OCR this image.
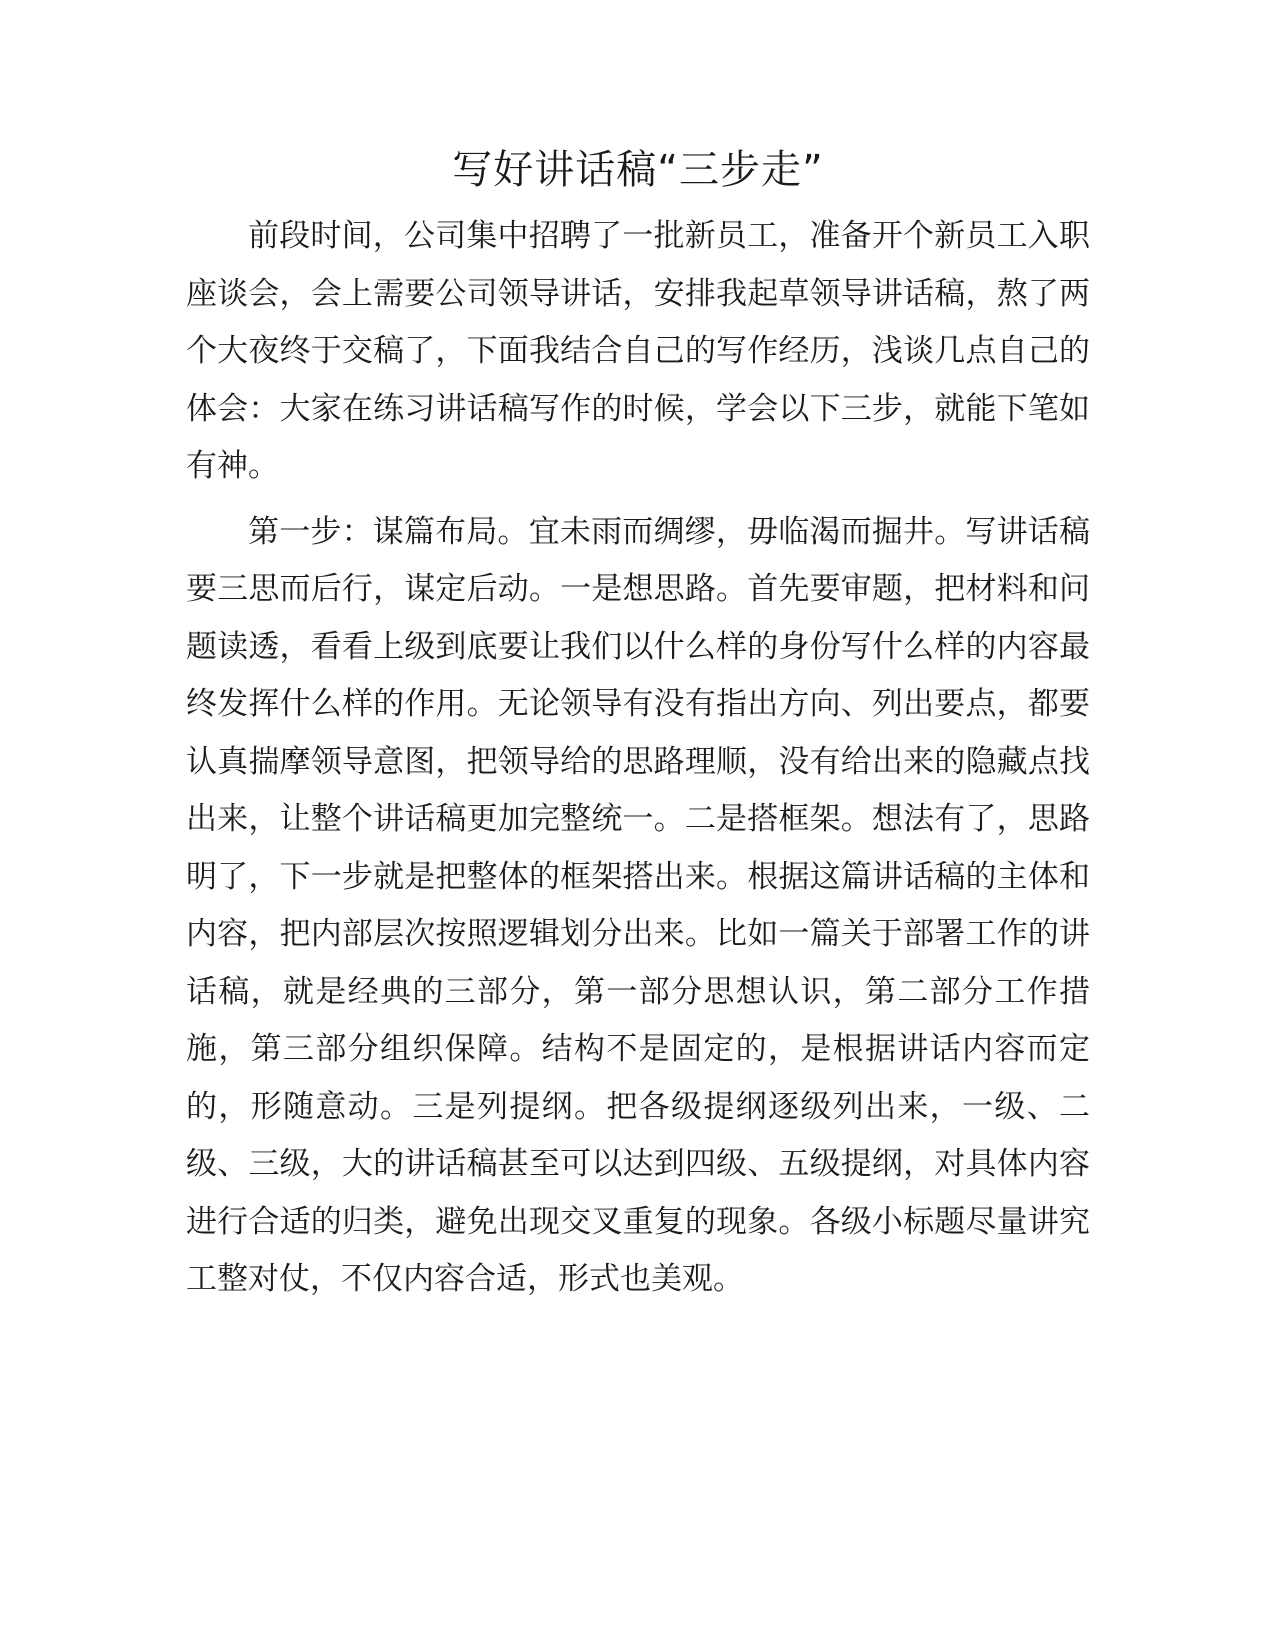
写好讲话稿“三步走”

前段时间，公司集中招聘了一批新员工，准备开个新员工入职座谈会，会上需要公司领导讲话，安排我起草领导讲话稿，熬了两个大夜终于交稿了，下面我结合自己的写作经历，浅谈几点自己的体会：大家在练习讲话稿写作的时候，学会以下三步，就能下笔如有神。

第一步：谋篇布局。宜未雨而绸缪，毋临渴而掘井。写讲话稿要三思而后行，谋定后动。一是想思路。首先要审题，把材料和问题读透，看看上级到底要让我们以什么样的身份写什么样的内容最终发挥什么样的作用。无论领导有没有指出方向、列出要点，都要认真揣摩领导意图，把领导给的思路理顺，没有给出来的隐藏点找出来，让整个讲话稿更加完整统一。二是搭框架。想法有了，思路明了，下一步就是把整体的框架搭出来。根据这篇讲话稿的主体和内容，把内部层次按照逻辑划分出来。比如一篇关于部署工作的讲话稿，就是经典的三部分，第一部分思想认识，第二部分工作措施，第三部分组织保障。结构不是固定的，是根据讲话内容而定的，形随意动。三是列提纲。把各级提纲逐级列出来，一级、二级、三级，大的讲话稿甚至可以达到四级、五级提纲，对具体内容进行合适的归类，避免出现交叉重复的现象。各级小标题尽量讲究工整对仗，不仅内容合适，形式也美观。
